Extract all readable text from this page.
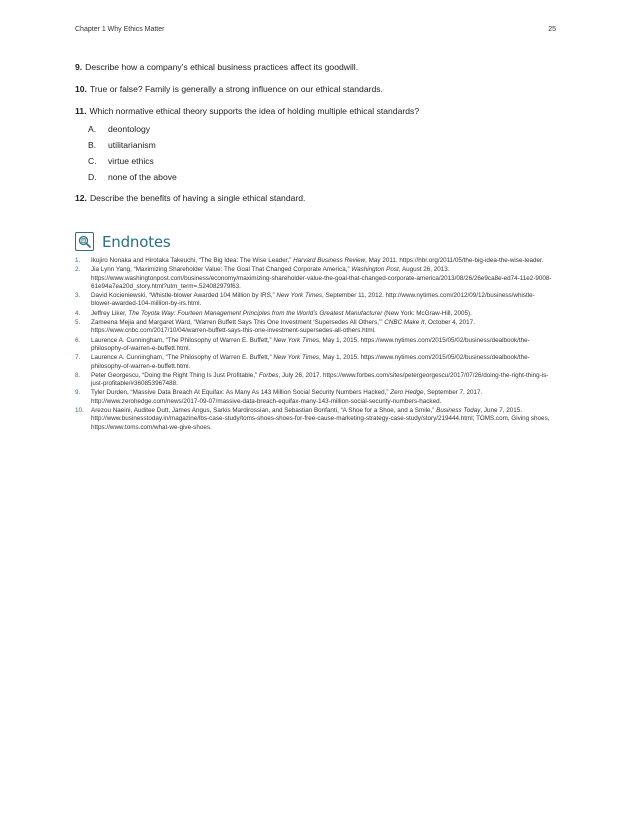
Chapter 1 Why Ethics Matter	25
9. Describe how a company’s ethical business practices affect its goodwill.
10. True or false? Family is generally a strong influence on our ethical standards.
11. Which normative ethical theory supports the idea of holding multiple ethical standards?
A.	deontology
B.	utilitarianism
C.	virtue ethics
D.	none of the above
12. Describe the benefits of having a single ethical standard.
Endnotes
1.	Ikujiro Nonaka and Hirotaka Takeuchi, “The Big Idea: The Wise Leader,” Harvard Business Review, May 2011. https://hbr.org/2011/05/the-big-idea-the-wise-leader.
2.	Jia Lynn Yang, “Maximizing Shareholder Value: The Goal That Changed Corporate America,” Washington Post, August 26, 2013. https://www.washingtonpost.com/business/economy/maximizing-shareholder-value-the-goal-that-changed-corporate-america/2013/08/26/26e9ca8e-ed74-11e2-9008-61e94a7ea20d_story.html?utm_term=.524082979f63.
3.	David Kocieniewski, “Whistle-blower Awarded 104 Million by IRS,” New York Times, September 11, 2012. http://www.nytimes.com/2012/09/12/business/whistle-blower-awarded-104-million-by-irs.html.
4.	Jeffrey Liker, The Toyota Way: Fourteen Management Principles from the World’s Greatest Manufacturer (New York: McGraw-Hill, 2005).
5.	Zameena Mejia and Margaret Ward, “Warren Buffett Says This One Investment ‘Supersedes All Others,’” CNBC Make It, October 4, 2017. https://www.cnbc.com/2017/10/04/warren-buffett-says-this-one-investment-supersedes-all-others.html.
6.	Laurence A. Cunningham, “The Philosophy of Warren E. Buffett,” New York Times, May 1, 2015. https://www.nytimes.com/2015/05/02/business/dealbook/the-philosophy-of-warren-e-buffett.html.
7.	Laurence A. Cunningham, “The Philosophy of Warren E. Buffett,” New York Times, May 1, 2015. https://www.nytimes.com/2015/05/02/business/dealbook/the-philosophy-of-warren-e-buffett.html.
8.	Peter Georgescu, “Doing the Right Thing Is Just Profitable,” Forbes, July 26, 2017. https://www.forbes.com/sites/petergeorgescu/2017/07/26/doing-the-right-thing-is-just-profitable/#360853967488.
9.	Tyler Durden, “Massive Data Breach At Equifax: As Many As 143 Million Social Security Numbers Hacked,” Zero Hedge, September 7, 2017. http://www.zerohedge.com/news/2017-09-07/massive-data-breach-equifax-many-143-million-social-security-numbers-hacked.
10.	Arezou Naeini, Auditee Dutt, James Angus, Sarkis Mardirossian, and Sebastian Bonfanti, “A Shoe for a Shoe, and a Smile,” Business Today, June 7, 2015. http://www.businesstoday.in/magazine/lbs-case-study/toms-shoes-shoes-for-free-cause-marketing-strategy-case-study/story/219444.html; TOMS.com, Giving shoes, https://www.toms.com/what-we-give-shoes.
